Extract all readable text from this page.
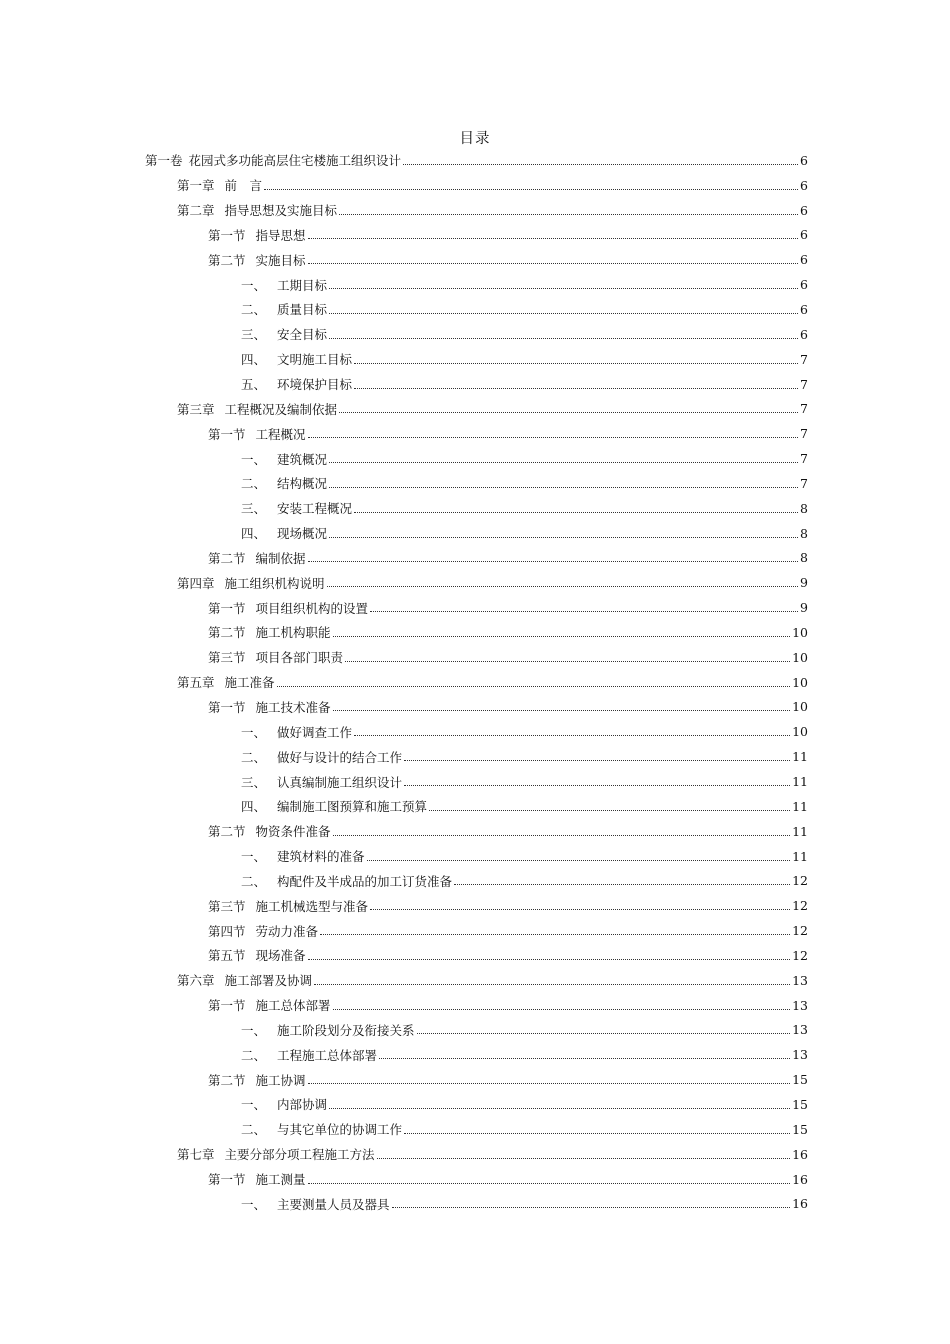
目录
第一卷 花园式多功能高层住宅楼施工组织设计	6
第一章 前　言	6
第二章 指导思想及实施目标	6
第一节 指导思想	6
第二节 实施目标	6
一、 工期目标	6
二、 质量目标	6
三、 安全目标	6
四、 文明施工目标	7
五、 环境保护目标	7
第三章 工程概况及编制依据	7
第一节 工程概况	7
一、 建筑概况	7
二、 结构概况	7
三、 安装工程概况	8
四、 现场概况	8
第二节 编制依据	8
第四章 施工组织机构说明	9
第一节 项目组织机构的设置	9
第二节 施工机构职能	10
第三节 项目各部门职责	10
第五章 施工准备	10
第一节 施工技术准备	10
一、 做好调查工作	10
二、 做好与设计的结合工作	11
三、 认真编制施工组织设计	11
四、 编制施工图预算和施工预算	11
第二节 物资条件准备	11
一、 建筑材料的准备	11
二、 构配件及半成品的加工订货准备	12
第三节 施工机械选型与准备	12
第四节 劳动力准备	12
第五节 现场准备	12
第六章 施工部署及协调	13
第一节 施工总体部署	13
一、 施工阶段划分及衔接关系	13
二、 工程施工总体部署	13
第二节 施工协调	15
一、 内部协调	15
二、 与其它单位的协调工作	15
第七章 主要分部分项工程施工方法	16
第一节 施工测量	16
一、 主要测量人员及器具	16
